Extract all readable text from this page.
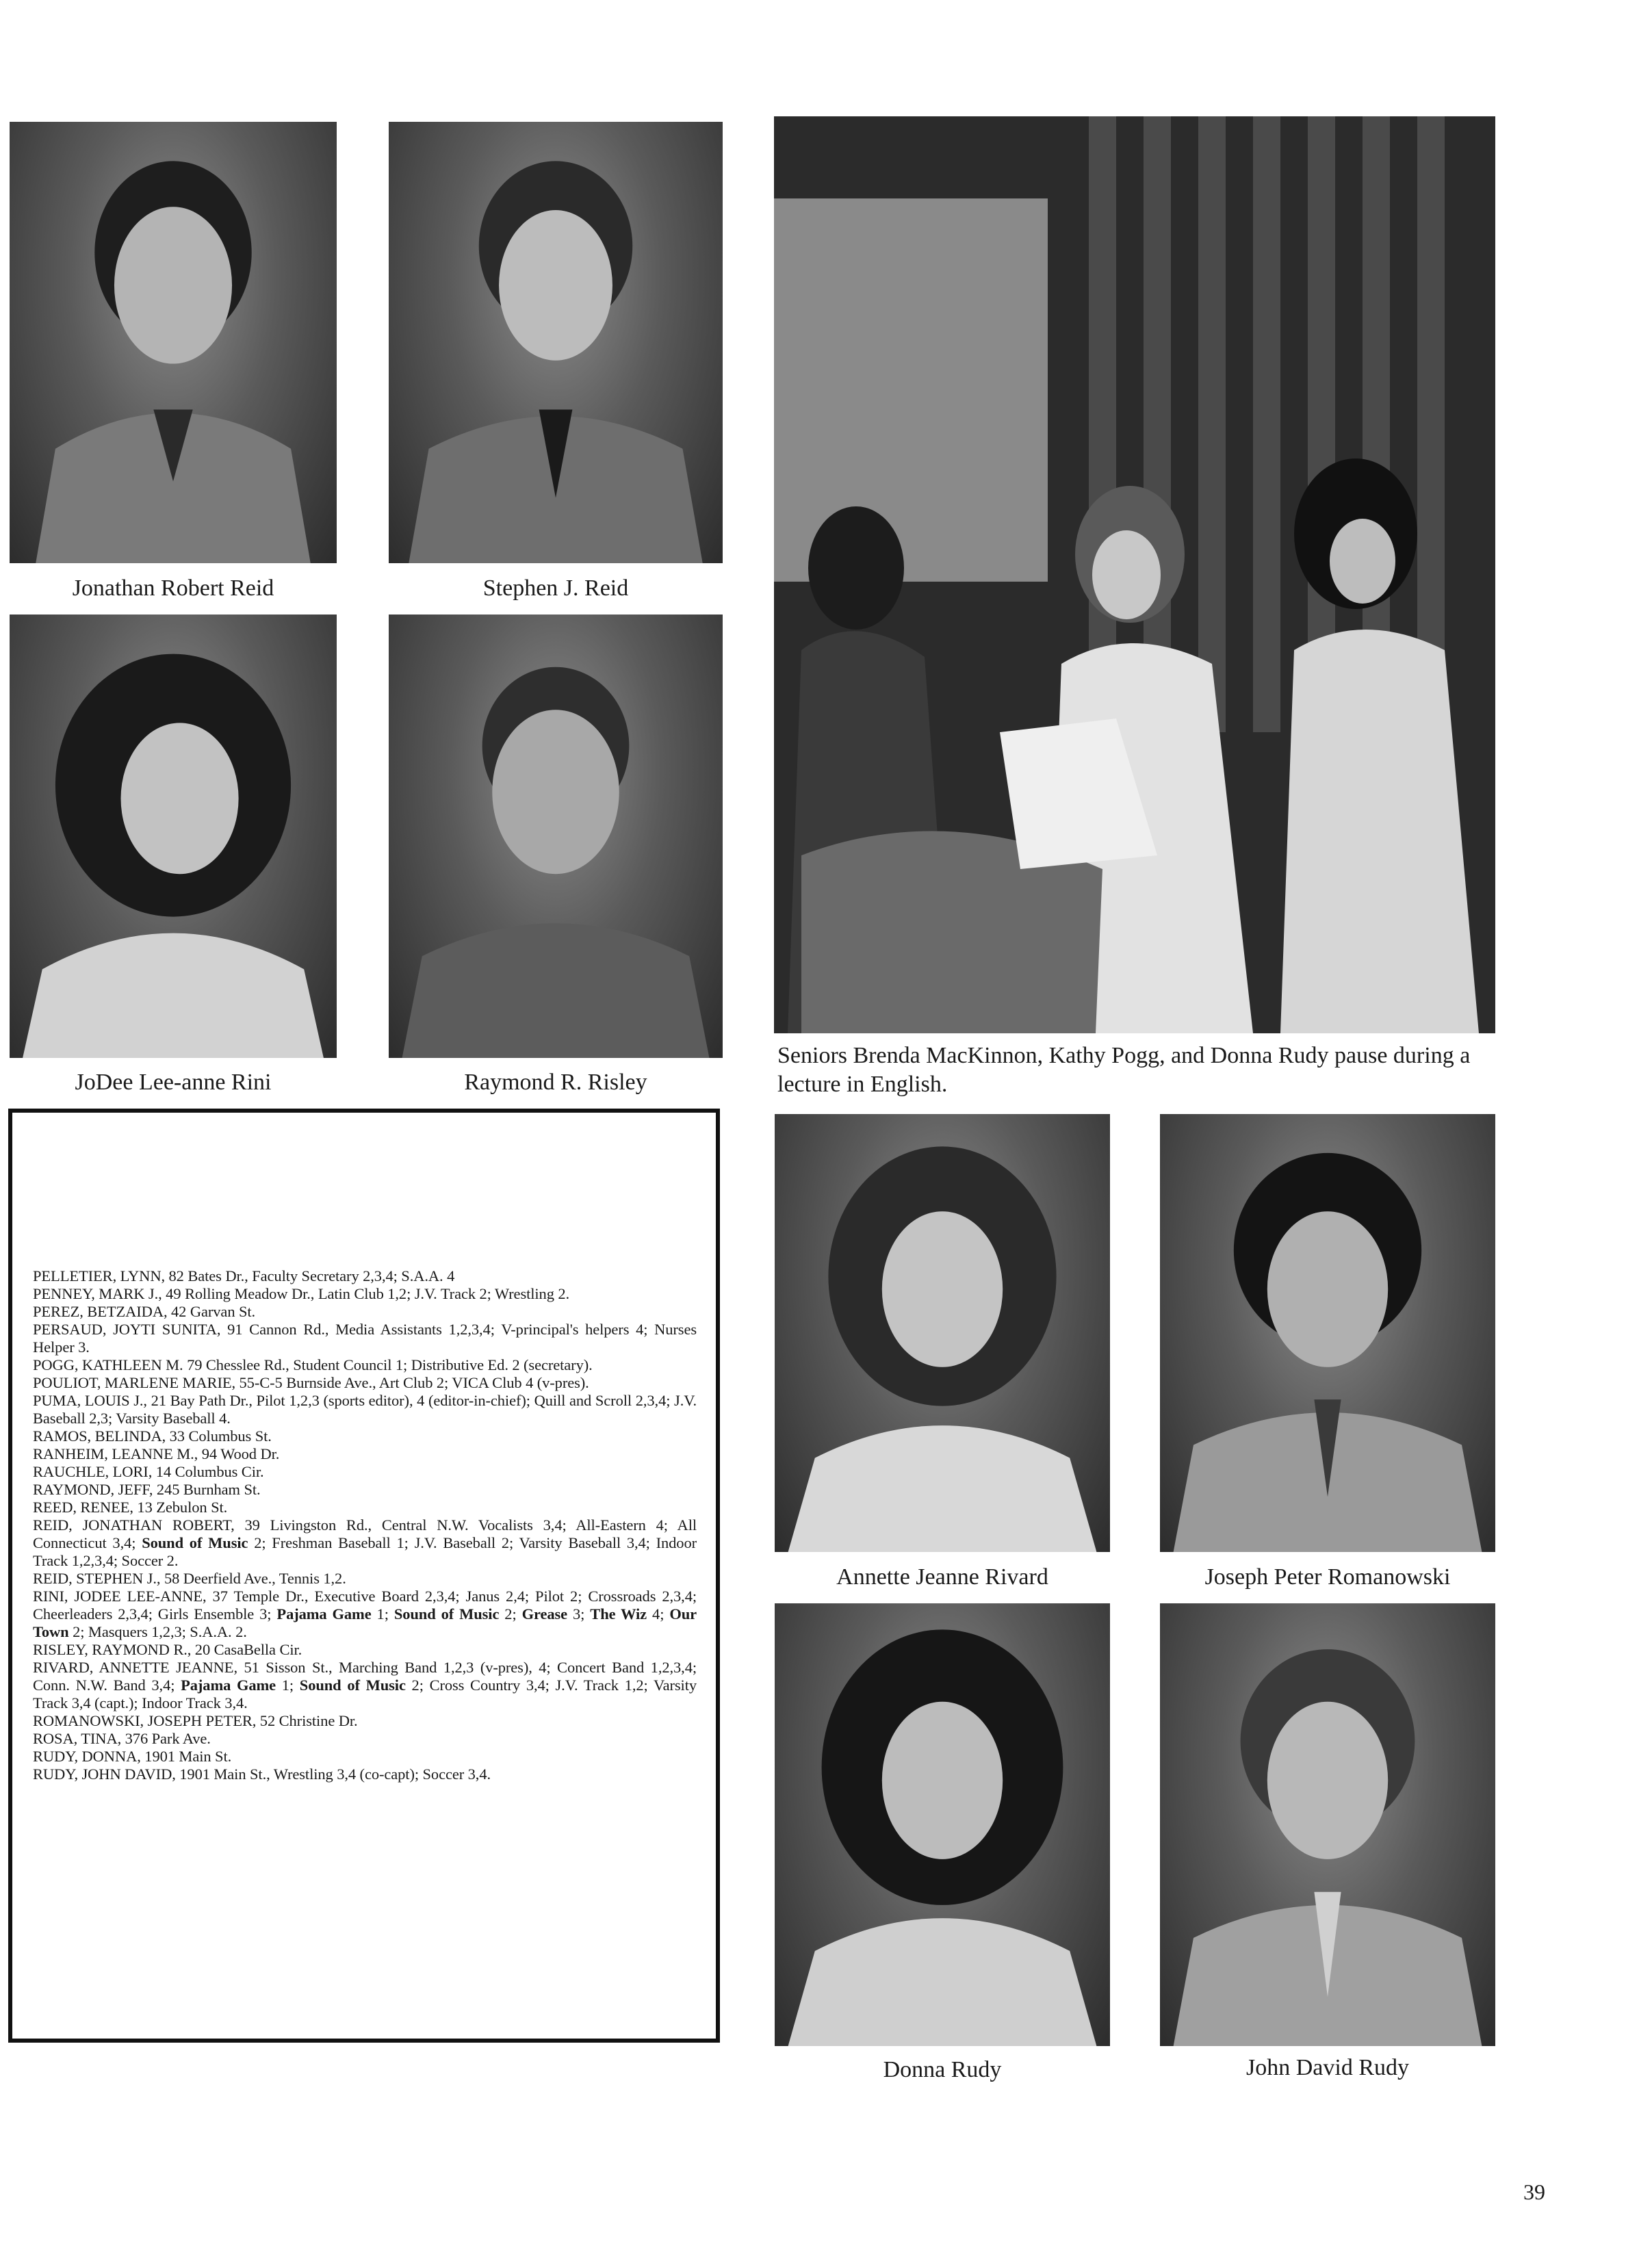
Jonathan Robert Reid	Stephen J. Reid
JoDee Lee-anne Rini	Raymond R. Risley
Seniors Brenda MacKinnon, Kathy Pogg, and Donna Rudy pause during a lecture in English.
Annette Jeanne Rivard	Joseph Peter Romanowski
Donna Rudy	John David Rudy

PELLETIER, LYNN, 82 Bates Dr., Faculty Secretary 2,3,4; S.A.A. 4

PENNEY, MARK J., 49 Rolling Meadow Dr., Latin Club 1,2; J.V. Track 2; Wrestling 2.

PEREZ, BETZAIDA, 42 Garvan St.

PERSAUD, JOYTI SUNITA, 91 Cannon Rd., Media Assistants 1,2,3,4; V-principal's helpers 4; Nurses Helper 3.

POGG, KATHLEEN M. 79 Chesslee Rd., Student Council 1; Distributive Ed. 2 (secretary).

POULIOT, MARLENE MARIE, 55-C-5 Burnside Ave., Art Club 2; VICA Club 4 (v-pres).

PUMA, LOUIS J., 21 Bay Path Dr., Pilot 1,2,3 (sports editor), 4 (editor-in-chief); Quill and Scroll 2,3,4; J.V. Baseball 2,3; Varsity Baseball 4.

RAMOS, BELINDA, 33 Columbus St.

RANHEIM, LEANNE M., 94 Wood Dr.

RAUCHLE, LORI, 14 Columbus Cir.

RAYMOND, JEFF, 245 Burnham St.

REED, RENEE, 13 Zebulon St.

REID, JONATHAN ROBERT, 39 Livingston Rd., Central N.W. Vocalists 3,4; All-Eastern 4; All Connecticut 3,4; Sound of Music 2; Freshman Baseball 1; J.V. Baseball 2; Varsity Baseball 3,4; Indoor Track 1,2,3,4; Soccer 2.

REID, STEPHEN J., 58 Deerfield Ave., Tennis 1,2.

RINI, JODEE LEE-ANNE, 37 Temple Dr., Executive Board 2,3,4; Janus 2,4; Pilot 2; Crossroads 2,3,4; Cheerleaders 2,3,4; Girls Ensemble 3; Pajama Game 1; Sound of Music 2; Grease 3; The Wiz 4; Our Town 2; Masquers 1,2,3; S.A.A. 2.

RISLEY, RAYMOND R., 20 CasaBella Cir.

RIVARD, ANNETTE JEANNE, 51 Sisson St., Marching Band 1,2,3 (v-pres), 4; Concert Band 1,2,3,4; Conn. N.W. Band 3,4; Pajama Game 1; Sound of Music 2; Cross Country 3,4; J.V. Track 1,2; Varsity Track 3,4 (capt.); Indoor Track 3,4.

ROMANOWSKI, JOSEPH PETER, 52 Christine Dr.

ROSA, TINA, 376 Park Ave.

RUDY, DONNA, 1901 Main St.

RUDY, JOHN DAVID, 1901 Main St., Wrestling 3,4 (co-capt); Soccer 3,4.

39
